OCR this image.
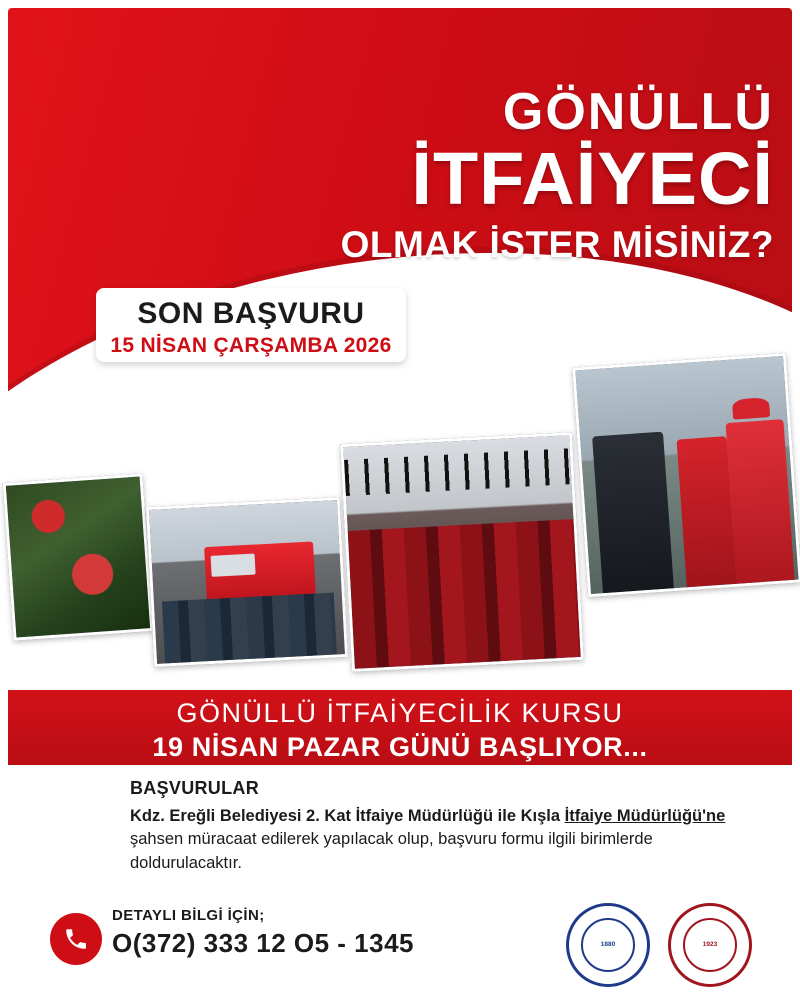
GÖNÜLLÜ
İTFAİYECİ
OLMAK İSTER MİSİNİZ?
SON BAŞVURU
15 NİSAN ÇARŞAMBA 2026
GÖNÜLLÜ İTFAİYECİLİK KURSU
19 NİSAN PAZAR GÜNÜ BAŞLIYOR...
BAŞVURULAR
Kdz. Ereğli Belediyesi 2. Kat İtfaiye Müdürlüğü ile Kışla İtfaiye Müdürlüğü'ne şahsen müracaat edilerek yapılacak olup, başvuru formu ilgili birimlerde doldurulacaktır.
DETAYLI BİLGİ İÇİN;
O(372) 333 12 O5 - 1345	1880	1923
